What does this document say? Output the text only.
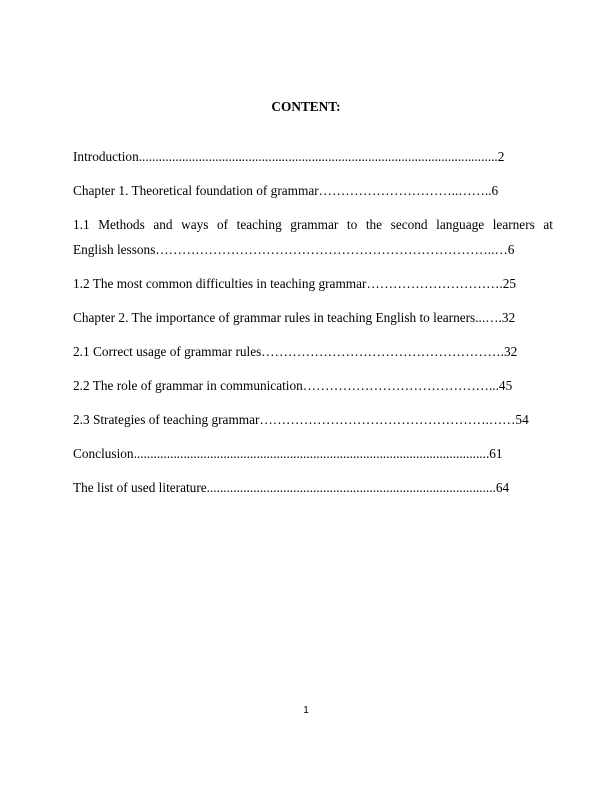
CONTENT:
Introduction............................................................................................................2
Chapter 1. Theoretical foundation of grammar…………………………..……..6
1.1 Methods and ways of teaching grammar to the second language learners at
English lessons…………………………………………………………………..…6
1.2 The most common difficulties in teaching grammar………………………….25
Chapter 2. The importance of grammar rules in teaching English to learners...….32
2.1 Correct usage of grammar rules……………………………………………….32
2.2 The role of grammar in communication……………………………………...45
2.3 Strategies of teaching grammar…………………………………………….……54
Conclusion...........................................................................................................61
The list of used literature.......................................................................................64
1
